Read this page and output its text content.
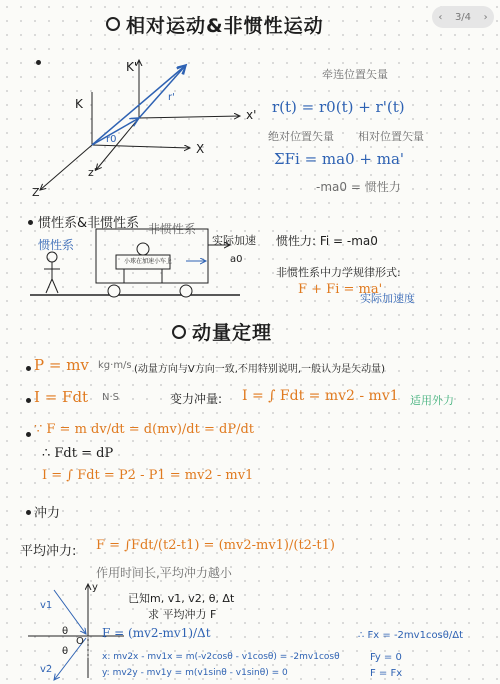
相对运动&非惯性运动	‹ 3/4 ›
K'
K
x'
X
z'
Z
r'
r0
牵连位置矢量
r(t) = r0(t) + r'(t)
绝对位置矢量 相对位置矢量
ΣFi = ma0 + ma'
-ma0 = 惯性力
惯性系&非惯性系
惯性系
非惯性系
小球在加速小车上
实际加速
a0
惯性力: Fi = -ma0
非惯性系中力学规律形式:
F + Fi = ma'
实际加速度
动量定理
P = mv kg·m/s (动量方向与V方向一致,不用特别说明,一般认为是矢动量)
I = Fdt N·S	变力冲量: I = ∫ Fdt = mv2 - mv1 适用外力
∵ F = m dv/dt = d(mv)/dt = dP/dt
∴ Fdt = dP
I = ∫ Fdt = P2 - P1 = mv2 - mv1
冲力
平均冲力: F = ∫Fdt/(t2-t1) = (mv2-mv1)/(t2-t1)
作用时间长,平均冲力越小
O
θ
θ
y
v1
v2
已知m, v1, v2, θ, Δt
求 平均冲力 F
F = (mv2-mv1)/Δt
x: mv2x - mv1x = m(-v2cosθ - v1cosθ) = -2mv1cosθ
y: mv2y - mv1y = m(v1sinθ - v1sinθ) = 0
∴ Fx = -2mv1cosθ/Δt
Fy = 0
F = Fx
